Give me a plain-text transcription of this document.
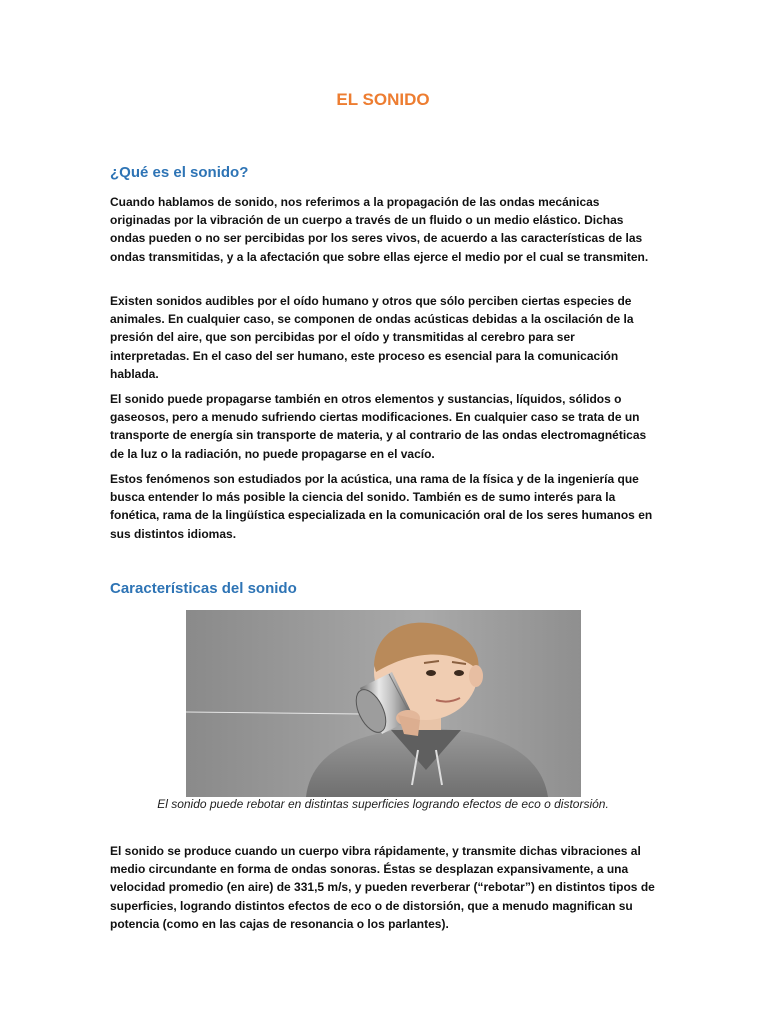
EL SONIDO
¿Qué es el sonido?

Cuando hablamos de sonido, nos referimos a la propagación de las ondas mecánicas originadas por la vibración de un cuerpo a través de un fluido o un medio elástico. Dichas ondas pueden o no ser percibidas por los seres vivos, de acuerdo a las características de las ondas transmitidas, y a la afectación que sobre ellas ejerce el medio por el cual se transmiten.

Existen sonidos audibles por el oído humano y otros que sólo perciben ciertas especies de animales. En cualquier caso, se componen de ondas acústicas debidas a la oscilación de la presión del aire, que son percibidas por el oído y transmitidas al cerebro para ser interpretadas. En el caso del ser humano, este proceso es esencial para la comunicación hablada.

El sonido puede propagarse también en otros elementos y sustancias, líquidos, sólidos o gaseosos, pero a menudo sufriendo ciertas modificaciones. En cualquier caso se trata de un transporte de energía sin transporte de materia, y al contrario de las ondas electromagnéticas de la luz o la radiación, no puede propagarse en el vacío.

Estos fenómenos son estudiados por la acústica, una rama de la física y de la ingeniería que busca entender lo más posible la ciencia del sonido. También es de sumo interés para la fonética, rama de la lingüística especializada en la comunicación oral de los seres humanos en sus distintos idiomas.

Características del sonido

El sonido puede rebotar en distintas superficies logrando efectos de eco o distorsión.

El sonido se produce cuando un cuerpo vibra rápidamente, y transmite dichas vibraciones al medio circundante en forma de ondas sonoras. Éstas se desplazan expansivamente, a una velocidad promedio (en aire) de 331,5 m/s, y pueden reverberar (“rebotar”) en distintos tipos de superficies, logrando distintos efectos de eco o de distorsión, que a menudo magnifican su potencia (como en las cajas de resonancia o los parlantes).
